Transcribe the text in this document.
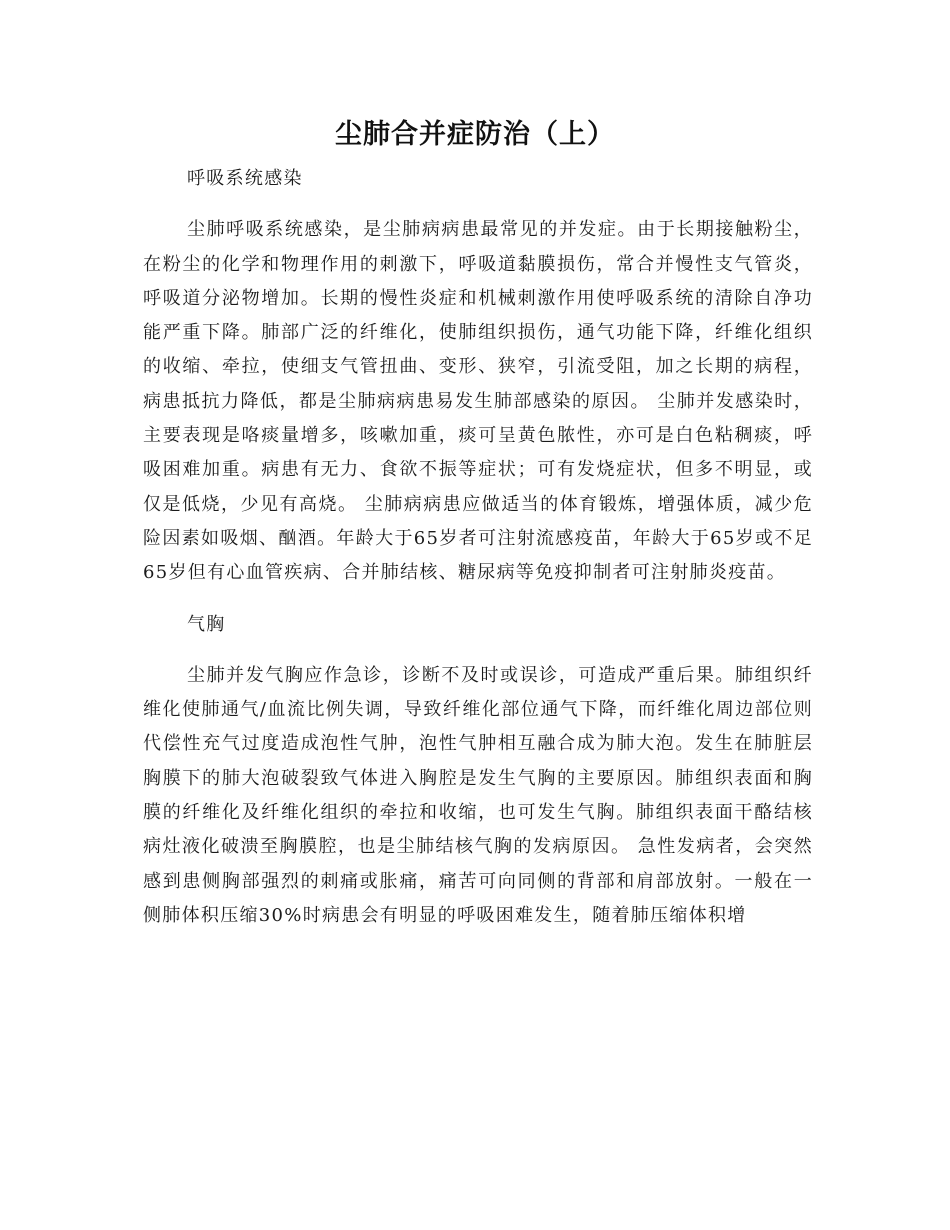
尘肺合并症防治（上）

呼吸系统感染

尘肺呼吸系统感染，是尘肺病病患最常见的并发症。由于长期接触粉尘，在粉尘的化学和物理作用的刺激下，呼吸道黏膜损伤，常合并慢性支气管炎，呼吸道分泌物增加。长期的慢性炎症和机械刺激作用使呼吸系统的清除自净功能严重下降。肺部广泛的纤维化，使肺组织损伤，通气功能下降，纤维化组织的收缩、牵拉，使细支气管扭曲、变形、狭窄，引流受阻，加之长期的病程，病患抵抗力降低，都是尘肺病病患易发生肺部感染的原因。 尘肺并发感染时，主要表现是咯痰量增多，咳嗽加重，痰可呈黄色脓性，亦可是白色粘稠痰，呼吸困难加重。病患有无力、食欲不振等症状；可有发烧症状，但多不明显，或仅是低烧，少见有高烧。 尘肺病病患应做适当的体育锻炼，增强体质，减少危险因素如吸烟、酗酒。年龄大于65岁者可注射流感疫苗，年龄大于65岁或不足65岁但有心血管疾病、合并肺结核、糖尿病等免疫抑制者可注射肺炎疫苗。

气胸

尘肺并发气胸应作急诊，诊断不及时或误诊，可造成严重后果。肺组织纤维化使肺通气/血流比例失调，导致纤维化部位通气下降，而纤维化周边部位则代偿性充气过度造成泡性气肿，泡性气肿相互融合成为肺大泡。发生在肺脏层胸膜下的肺大泡破裂致气体进入胸腔是发生气胸的主要原因。肺组织表面和胸膜的纤维化及纤维化组织的牵拉和收缩，也可发生气胸。肺组织表面干酪结核病灶液化破溃至胸膜腔，也是尘肺结核气胸的发病原因。 急性发病者，会突然感到患侧胸部强烈的刺痛或胀痛，痛苦可向同侧的背部和肩部放射。一般在一侧肺体积压缩30%时病患会有明显的呼吸困难发生，随着肺压缩体积增
